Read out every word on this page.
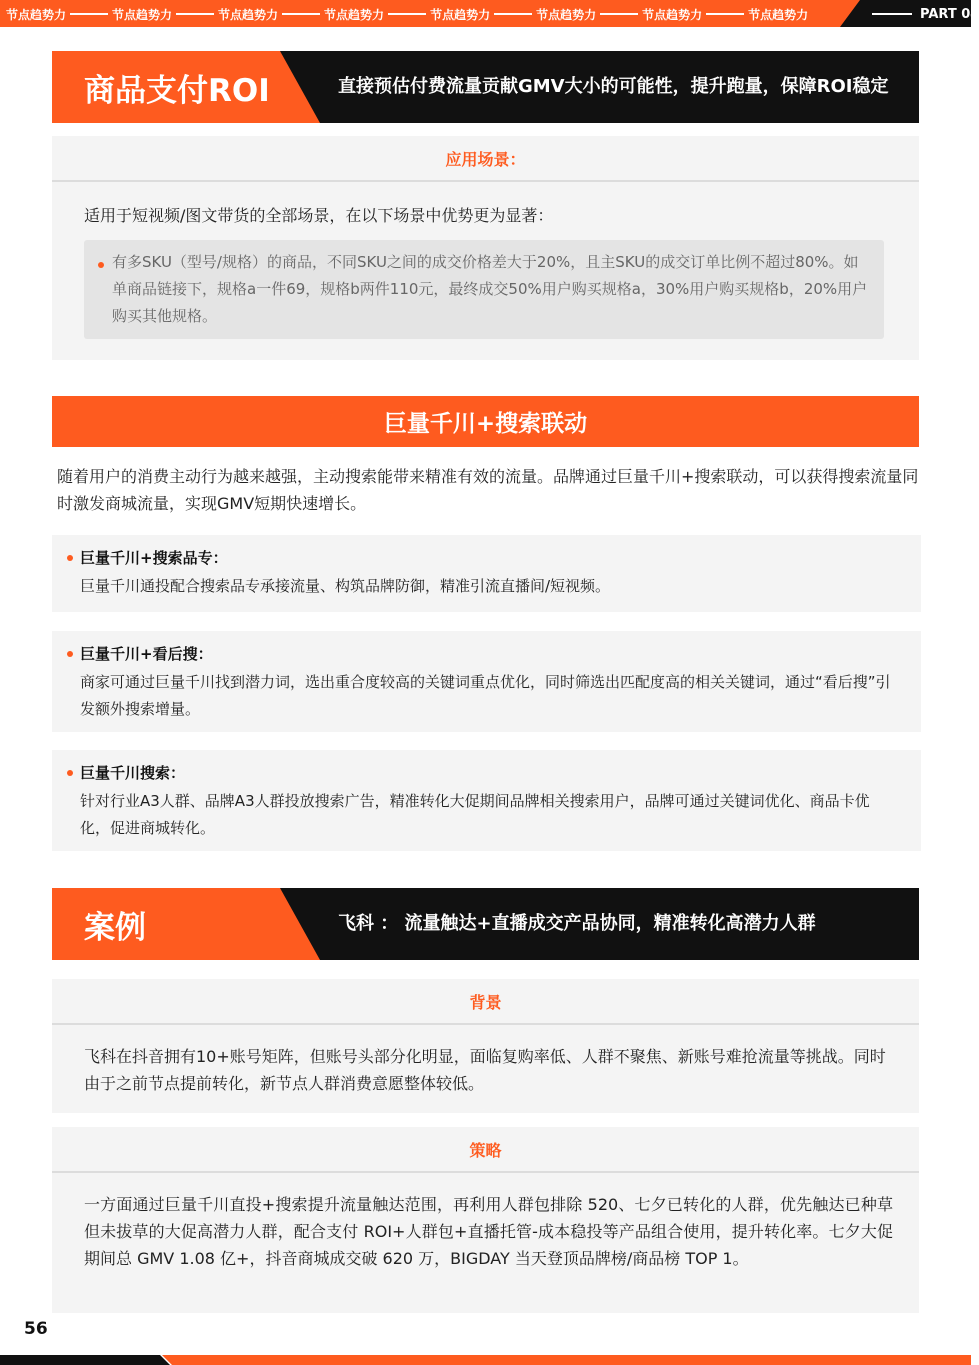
节点趋势力	节点趋势力	节点趋势力	节点趋势力	节点趋势力	节点趋势力	节点趋势力	节点趋势力	PART 04
商品支付ROI	直接预估付费流量贡献GMV大小的可能性，提升跑量，保障ROI稳定
应用场景：
适用于短视频/图文带货的全部场景，在以下场景中优势更为显著：
有多SKU（型号/规格）的商品，不同SKU之间的成交价格差大于20%，且主SKU的成交订单比例不超过80%。如单商品链接下，规格a一件69，规格b两件110元，最终成交50%用户购买规格a，30%用户购买规格b，20%用户购买其他规格。
巨量千川+搜索联动
随着用户的消费主动行为越来越强，主动搜索能带来精准有效的流量。品牌通过巨量千川+搜索联动，可以获得搜索流量同时激发商城流量，实现GMV短期快速增长。
巨量千川+搜索品专：
巨量千川通投配合搜索品专承接流量、构筑品牌防御，精准引流直播间/短视频。
巨量千川+看后搜：
商家可通过巨量千川找到潜力词，选出重合度较高的关键词重点优化，同时筛选出匹配度高的相关关键词，通过“看后搜”引发额外搜索增量。
巨量千川搜索：
针对行业A3人群、品牌A3人群投放搜索广告，精准转化大促期间品牌相关搜索用户，品牌可通过关键词优化、商品卡优化，促进商城转化。
案例	飞科 ： 流量触达+直播成交产品协同，精准转化高潜力人群
背景
飞科在抖音拥有10+账号矩阵，但账号头部分化明显，面临复购率低、人群不聚焦、新账号难抢流量等挑战。同时由于之前节点提前转化，新节点人群消费意愿整体较低。
策略
一方面通过巨量千川直投+搜索提升流量触达范围，再利用人群包排除 520、七夕已转化的人群，优先触达已种草但未拔草的大促高潜力人群，配合支付 ROI+人群包+直播托管-成本稳投等产品组合使用，提升转化率。七夕大促期间总 GMV 1.08 亿+，抖音商城成交破 620 万，BIGDAY 当天登顶品牌榜/商品榜 TOP 1。
56
